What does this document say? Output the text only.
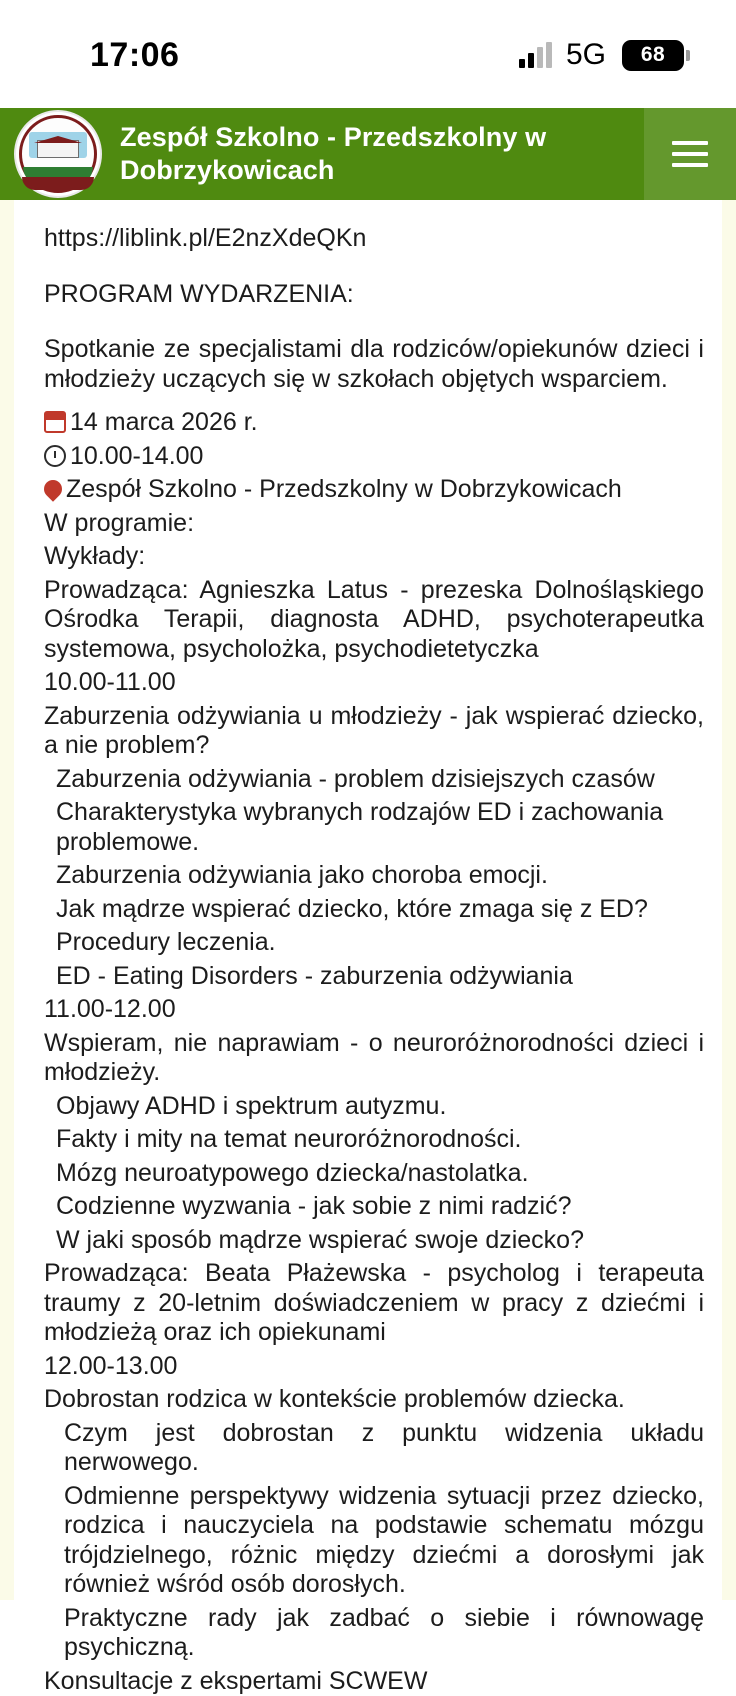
17:06	5G 68
Zespół Szkolno - Przedszkolny w Dobrzykowicach

https://liblink.pl/E2nzXdeQKn

PROGRAM WYDARZENIA:

Spotkanie ze specjalistami dla rodziców/opiekunów dzieci i młodzieży uczących się w szkołach objętych wsparciem.

14 marca 2026 r.

10.00-14.00

Zespół Szkolno - Przedszkolny w Dobrzykowicach

W programie:

Wykłady:

Prowadząca: Agnieszka Latus - prezeska Dolnośląskiego Ośrodka Terapii, diagnosta ADHD, psychoterapeutka systemowa, psycholożka, psychodietetyczka

10.00-11.00

Zaburzenia odżywiania u młodzieży - jak wspierać dziecko, a nie problem?

Zaburzenia odżywiania - problem dzisiejszych czasów

Charakterystyka wybranych rodzajów ED i zachowania problemowe.

Zaburzenia odżywiania jako choroba emocji.

Jak mądrze wspierać dziecko, które zmaga się z ED?

Procedury leczenia.

ED - Eating Disorders - zaburzenia odżywiania

11.00-12.00

Wspieram, nie naprawiam - o neuroróżnorodności dzieci i młodzieży.

Objawy ADHD i spektrum autyzmu.

Fakty i mity na temat neuroróżnorodności.

Mózg neuroatypowego dziecka/nastolatka.

Codzienne wyzwania - jak sobie z nimi radzić?

W jaki sposób mądrze wspierać swoje dziecko?

Prowadząca: Beata Płażewska - psycholog i terapeuta traumy z 20-letnim doświadczeniem w pracy z dziećmi i młodzieżą oraz ich opiekunami

12.00-13.00

Dobrostan rodzica w kontekście problemów dziecka.

Czym jest dobrostan z punktu widzenia układu nerwowego.

Odmienne perspektywy widzenia sytuacji przez dziecko, rodzica i nauczyciela na podstawie schematu mózgu trójdzielnego, różnic między dziećmi a dorosłymi jak również wśród osób dorosłych.

Praktyczne rady jak zadbać o siebie i równowagę psychiczną.

Konsultacje z ekspertami SCWEW
